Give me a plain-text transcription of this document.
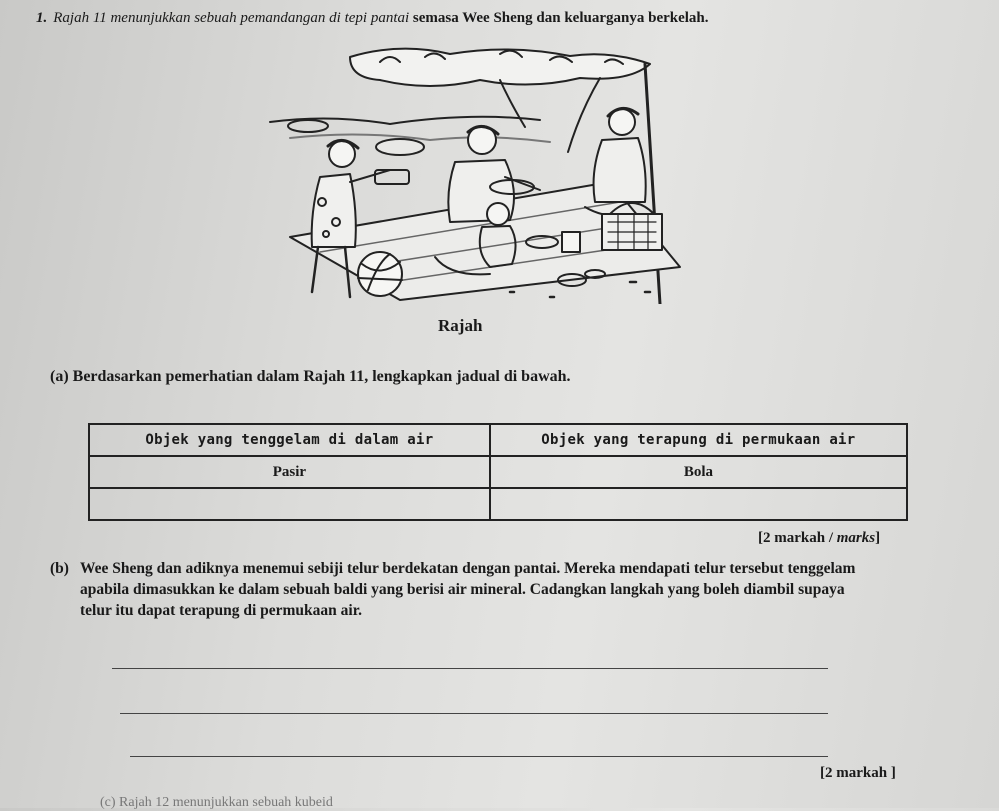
1. Rajah 11 menunjukkan sebuah pemandangan di tepi pantai semasa Wee Sheng dan keluarganya berkelah.
Rajah
(a) Berdasarkan pemerhatian dalam Rajah 11, lengkapkan jadual di bawah.
Objek yang tenggelam di dalam air	Objek yang terapung di permukaan air
Pasir	Bola

[2 markah / marks]
(b) Wee Sheng dan adiknya menemui sebiji telur berdekatan dengan pantai. Mereka mendapati telur tersebut tenggelam apabila dimasukkan ke dalam sebuah baldi yang berisi air mineral. Cadangkan langkah yang boleh diambil supaya telur itu dapat terapung di permukaan air.
[2 markah ]
(c) Rajah 12 menunjukkan sebuah kubeid
